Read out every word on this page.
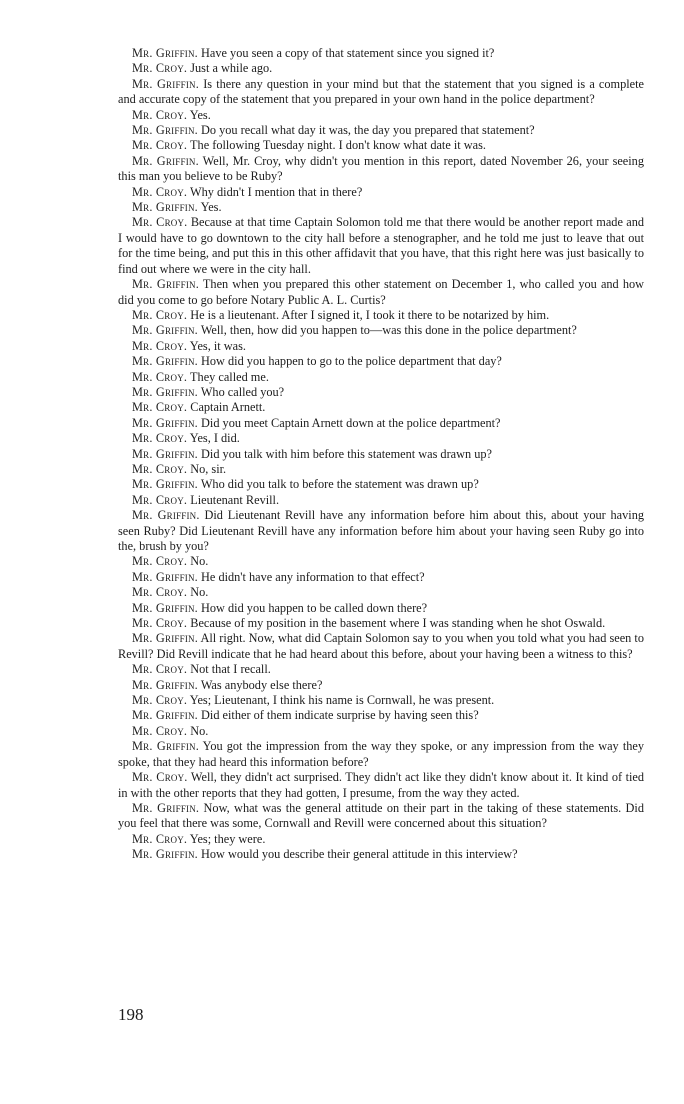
Mr. Griffin. Have you seen a copy of that statement since you signed it?

Mr. Croy. Just a while ago.

Mr. Griffin. Is there any question in your mind but that the statement that you signed is a complete and accurate copy of the statement that you prepared in your own hand in the police department?

Mr. Croy. Yes.

Mr. Griffin. Do you recall what day it was, the day you prepared that statement?

Mr. Croy. The following Tuesday night. I don't know what date it was.

Mr. Griffin. Well, Mr. Croy, why didn't you mention in this report, dated November 26, your seeing this man you believe to be Ruby?

Mr. Croy. Why didn't I mention that in there?

Mr. Griffin. Yes.

Mr. Croy. Because at that time Captain Solomon told me that there would be another report made and I would have to go downtown to the city hall before a stenographer, and he told me just to leave that out for the time being, and put this in this other affidavit that you have, that this right here was just basically to find out where we were in the city hall.

Mr. Griffin. Then when you prepared this other statement on December 1, who called you and how did you come to go before Notary Public A. L. Curtis?

Mr. Croy. He is a lieutenant. After I signed it, I took it there to be notarized by him.

Mr. Griffin. Well, then, how did you happen to—was this done in the police department?

Mr. Croy. Yes, it was.

Mr. Griffin. How did you happen to go to the police department that day?

Mr. Croy. They called me.

Mr. Griffin. Who called you?

Mr. Croy. Captain Arnett.

Mr. Griffin. Did you meet Captain Arnett down at the police department?

Mr. Croy. Yes, I did.

Mr. Griffin. Did you talk with him before this statement was drawn up?

Mr. Croy. No, sir.

Mr. Griffin. Who did you talk to before the statement was drawn up?

Mr. Croy. Lieutenant Revill.

Mr. Griffin. Did Lieutenant Revill have any information before him about this, about your having seen Ruby? Did Lieutenant Revill have any information before him about your having seen Ruby go into the, brush by you?

Mr. Croy. No.

Mr. Griffin. He didn't have any information to that effect?

Mr. Croy. No.

Mr. Griffin. How did you happen to be called down there?

Mr. Croy. Because of my position in the basement where I was standing when he shot Oswald.

Mr. Griffin. All right. Now, what did Captain Solomon say to you when you told what you had seen to Revill? Did Revill indicate that he had heard about this before, about your having been a witness to this?

Mr. Croy. Not that I recall.

Mr. Griffin. Was anybody else there?

Mr. Croy. Yes; Lieutenant, I think his name is Cornwall, he was present.

Mr. Griffin. Did either of them indicate surprise by having seen this?

Mr. Croy. No.

Mr. Griffin. You got the impression from the way they spoke, or any impression from the way they spoke, that they had heard this information before?

Mr. Croy. Well, they didn't act surprised. They didn't act like they didn't know about it. It kind of tied in with the other reports that they had gotten, I presume, from the way they acted.

Mr. Griffin. Now, what was the general attitude on their part in the taking of these statements. Did you feel that there was some, Cornwall and Revill were concerned about this situation?

Mr. Croy. Yes; they were.

Mr. Griffin. How would you describe their general attitude in this interview?

198
